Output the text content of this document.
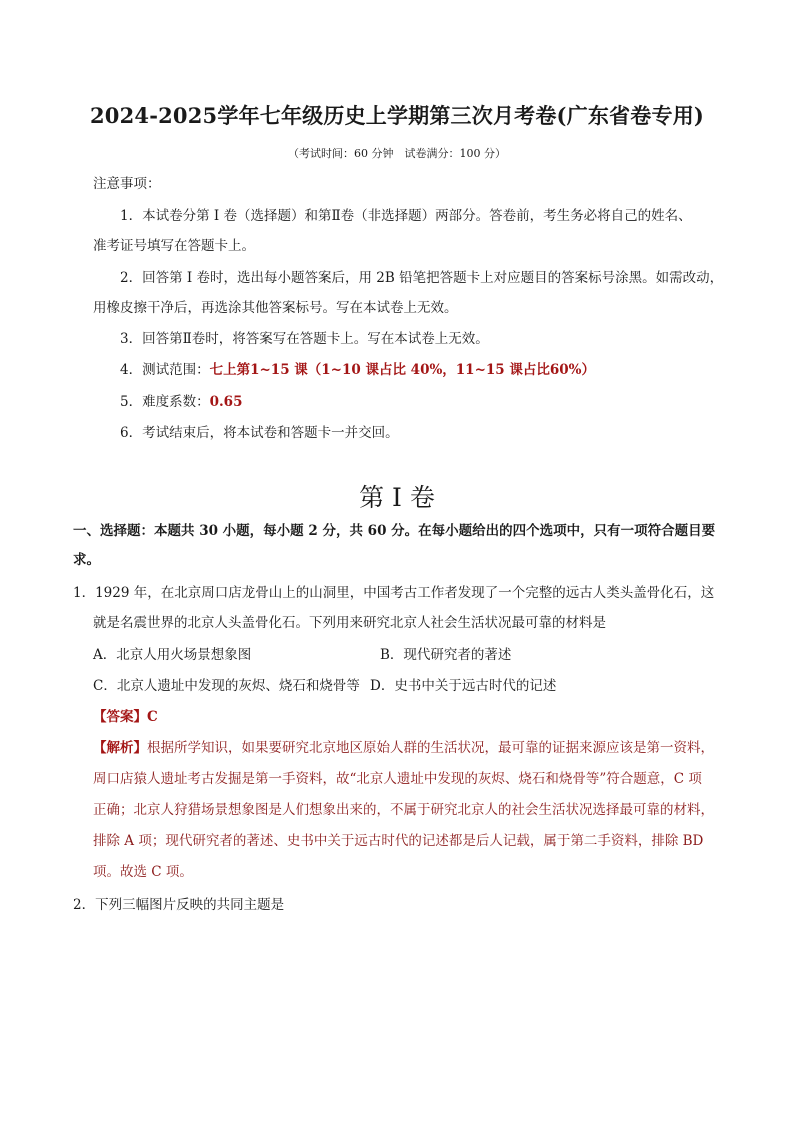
2024-2025学年七年级历史上学期第三次月考卷(广东省卷专用)
（考试时间：60 分钟　试卷满分：100 分）
注意事项：
1．本试卷分第 I 卷（选择题）和第Ⅱ卷（非选择题）两部分。答卷前，考生务必将自己的姓名、
准考证号填写在答题卡上。
2．回答第 I 卷时，选出每小题答案后，用 2B 铅笔把答题卡上对应题目的答案标号涂黑。如需改动，
用橡皮擦干净后，再选涂其他答案标号。写在本试卷上无效。
3．回答第Ⅱ卷时，将答案写在答题卡上。写在本试卷上无效。
4．测试范围：七上第1~15 课（1~10 课占比 40%，11~15 课占比60%）
5．难度系数：0.65
6．考试结束后，将本试卷和答题卡一并交回。
第 I 卷
一、选择题：本题共 30 小题，每小题 2 分，共 60 分。在每小题给出的四个选项中，只有一项符合题目要
求。
1．1929 年，在北京周口店龙骨山上的山洞里，中国考古工作者发现了一个完整的远古人类头盖骨化石，这
就是名震世界的北京人头盖骨化石。下列用来研究北京人社会生活状况最可靠的材料是
A．北京人用火场景想象图	B．现代研究者的著述
C．北京人遗址中发现的灰烬、烧石和烧骨等 D．史书中关于远古时代的记述
【答案】C
【解析】根据所学知识，如果要研究北京地区原始人群的生活状况，最可靠的证据来源应该是第一资料，
周口店猿人遗址考古发掘是第一手资料，故“北京人遗址中发现的灰烬、烧石和烧骨等”符合题意，C 项
正确；北京人狩猎场景想象图是人们想象出来的，不属于研究北京人的社会生活状况选择最可靠的材料，
排除 A 项；现代研究者的著述、史书中关于远古时代的记述都是后人记载，属于第二手资料，排除 BD
项。故选 C 项。
2．下列三幅图片反映的共同主题是
